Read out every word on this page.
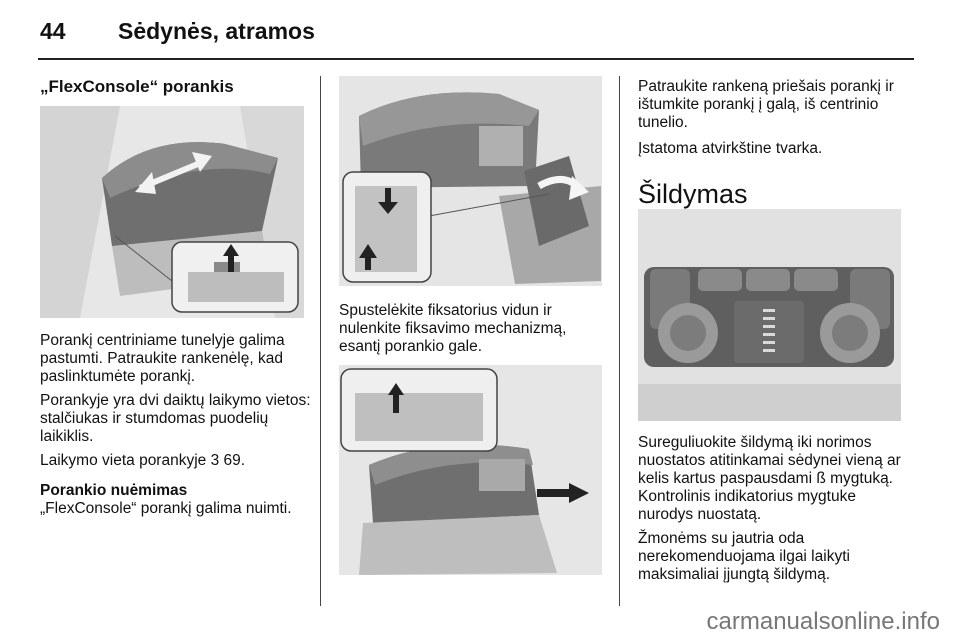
44 Sėdynės, atramos

„FlexConsole“ porankis

Porankį centriniame tunelyje galima pastumti. Patraukite rankenėlę, kad paslinktumėte porankį.

Porankyje yra dvi daiktų laikymo vietos: stalčiukas ir stumdomas puodelių laikiklis.

Laikymo vieta porankyje 3 69.

Porankio nuėmimas

„FlexConsole“ porankį galima nuimti.

Spustelėkite fiksatorius vidun ir nulenkite fiksavimo mechanizmą, esantį porankio gale.

Patraukite rankeną priešais porankį ir ištumkite porankį į galą, iš centrinio tunelio.

Įstatoma atvirkštine tvarka.

Šildymas

Sureguliuokite šildymą iki norimos nuostatos atitinkamai sėdynei vieną ar kelis kartus paspausdami ß mygtuką. Kontrolinis indikatorius mygtuke nurodys nuostatą.

Žmonėms su jautria oda nerekomenduojama ilgai laikyti maksimaliai įjungtą šildymą.

carmanualsonline.info
